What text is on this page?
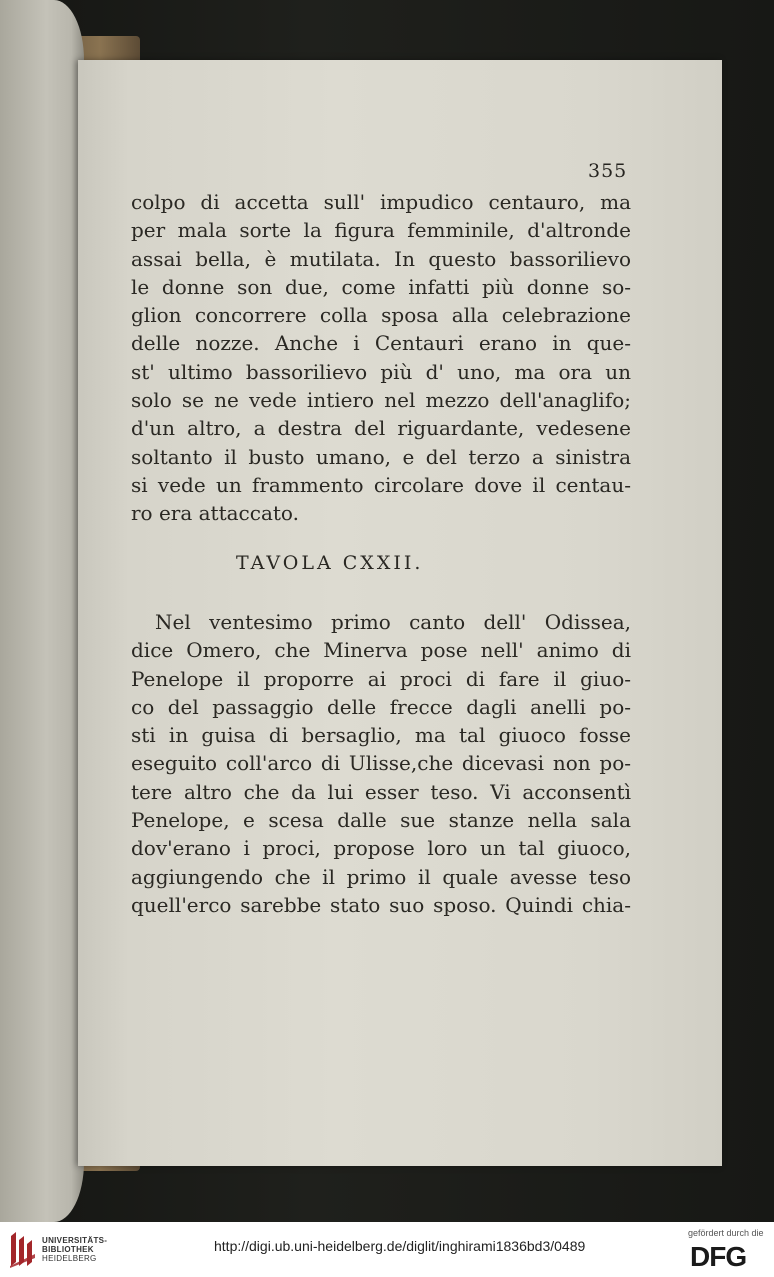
355
colpo di accetta sull' impudico centauro, ma
per mala sorte la figura femminile, d'altronde
assai bella, è mutilata. In questo bassorilievo
le donne son due, come infatti più donne so-
glion concorrere colla sposa alla celebrazione
delle nozze. Anche i Centauri erano in que-
st' ultimo bassorilievo più d' uno, ma ora un
solo se ne vede intiero nel mezzo dell'anaglifo;
d'un altro, a destra del riguardante, vedesene
soltanto il busto umano, e del terzo a sinistra
si vede un frammento circolare dove il centau-
ro era attaccato.
TAVOLA CXXII.
Nel ventesimo primo canto dell' Odissea,
dice Omero, che Minerva pose nell' animo di
Penelope il proporre ai proci di fare il giuo-
co del passaggio delle frecce dagli anelli po-
sti in guisa di bersaglio, ma tal giuoco fosse
eseguito coll'arco di Ulisse,che dicevasi non po-
tere altro che da lui esser teso. Vi acconsentì
Penelope, e scesa dalle sue stanze nella sala
dov'erano i proci, propose loro un tal giuoco,
aggiungendo che il primo il quale avesse teso
quell'erco sarebbe stato suo sposo. Quindi chia-
UNIVERSITÄTS-
BIBLIOTHEK
HEIDELBERG
http://digi.ub.uni-heidelberg.de/diglit/inghirami1836bd3/0489
gefördert durch die
DFG
